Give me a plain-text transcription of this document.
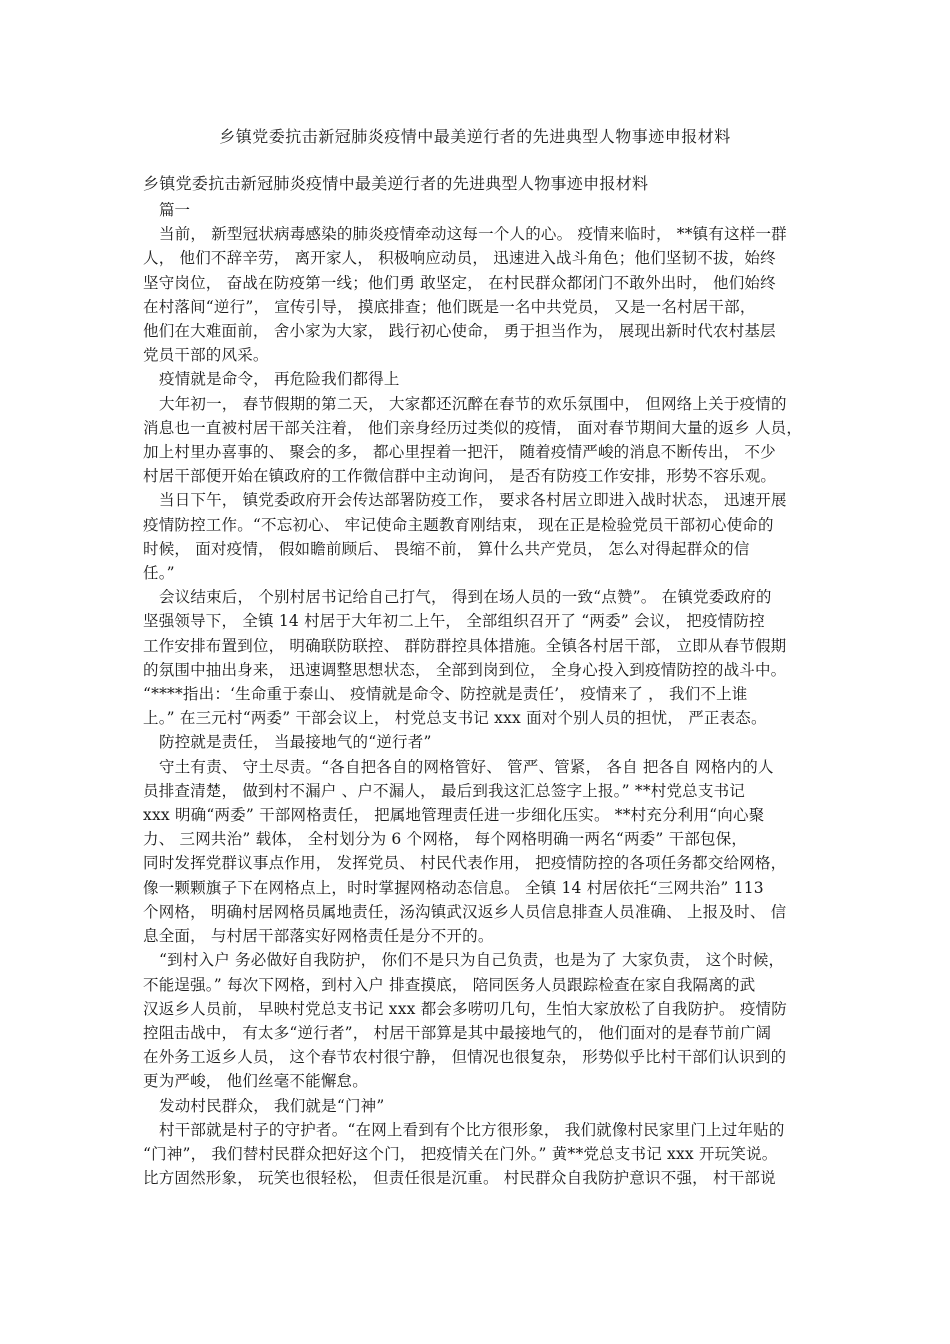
乡镇党委抗击新冠肺炎疫情中最美逆行者的先进典型人物事迹申报材料

乡镇党委抗击新冠肺炎疫情中最美逆行者的先进典型人物事迹申报材料

篇一

当前， 新型冠状病毒感染的肺炎疫情牵动这每一个人的心。 疫情来临时， **镇有这样一群
人， 他们不辞辛劳， 离开家人， 积极响应动员， 迅速进入战斗角色；他们坚韧不拔，始终
坚守岗位， 奋战在防疫第一线；他们勇 敢坚定， 在村民群众都闭门不敢外出时， 他们始终
在村落间“逆行”， 宣传引导， 摸底排查；他们既是一名中共党员， 又是一名村居干部，
他们在大难面前， 舍小家为大家， 践行初心使命， 勇于担当作为， 展现出新时代农村基层
党员干部的风采。

疫情就是命令， 再危险我们都得上

大年初一， 春节假期的第二天， 大家都还沉醉在春节的欢乐氛围中， 但网络上关于疫情的
消息也一直被村居干部关注着， 他们亲身经历过类似的疫情， 面对春节期间大量的返乡 人员，
加上村里办喜事的、 聚会的多， 都心里捏着一把汗， 随着疫情严峻的消息不断传出， 不少
村居干部便开始在镇政府的工作微信群中主动询问， 是否有防疫工作安排，形势不容乐观。

当日下午， 镇党委政府开会传达部署防疫工作， 要求各村居立即进入战时状态， 迅速开展
疫情防控工作。“不忘初心、 牢记使命主题教育刚结束， 现在正是检验党员干部初心使命的
时候， 面对疫情， 假如瞻前顾后、 畏缩不前， 算什么共产党员， 怎么对得起群众的信
任。”

会议结束后， 个别村居书记给自己打气， 得到在场人员的一致“点赞”。 在镇党委政府的
坚强领导下， 全镇 14 村居于大年初二上午， 全部组织召开了 “两委” 会议， 把疫情防控
工作安排布置到位， 明确联防联控、 群防群控具体措施。全镇各村居干部， 立即从春节假期
的氛围中抽出身来， 迅速调整思想状态， 全部到岗到位， 全身心投入到疫情防控的战斗中。
“****指出：‘生命重于泰山、 疫情就是命令、防控就是责任’， 疫情来了 ， 我们不上谁
上。” 在三元村“两委” 干部会议上， 村党总支书记 xxx 面对个别人员的担忧， 严正表态。

防控就是责任， 当最接地气的“逆行者”

守土有责、 守土尽责。“各自把各自的网格管好、 管严、管紧， 各自 把各自 网格内的人
员排查清楚， 做到村不漏户 、户不漏人， 最后到我这汇总签字上报。” **村党总支书记
xxx 明确“两委” 干部网格责任， 把属地管理责任进一步细化压实。 **村充分利用“向心聚
力、 三网共治” 载体， 全村划分为 6 个网格， 每个网格明确一两名“两委” 干部包保，
同时发挥党群议事点作用， 发挥党员、 村民代表作用， 把疫情防控的各项任务都交给网格，
像一颗颗旗子下在网格点上，时时掌握网格动态信息。 全镇 14 村居依托“三网共治” 113
个网格， 明确村居网格员属地责任，汤沟镇武汉返乡人员信息排查人员准确、 上报及时、 信
息全面， 与村居干部落实好网格责任是分不开的。

“到村入户 务必做好自我防护， 你们不是只为自己负责，也是为了 大家负责， 这个时候，
不能逞强。” 每次下网格，到村入户 排查摸底， 陪同医务人员跟踪检查在家自我隔离的武
汉返乡人员前， 早映村党总支书记 xxx 都会多唠叨几句，生怕大家放松了自我防护。 疫情防
控阻击战中， 有太多“逆行者”， 村居干部算是其中最接地气的， 他们面对的是春节前广阔
在外务工返乡人员， 这个春节农村很宁静， 但情况也很复杂， 形势似乎比村干部们认识到的
更为严峻， 他们丝毫不能懈怠。

发动村民群众， 我们就是“门神”

村干部就是村子的守护者。“在网上看到有个比方很形象， 我们就像村民家里门上过年贴的
“门神”， 我们替村民群众把好这个门， 把疫情关在门外。” 黄**党总支书记 xxx 开玩笑说。
比方固然形象， 玩笑也很轻松， 但责任很是沉重。 村民群众自我防护意识不强， 村干部说
